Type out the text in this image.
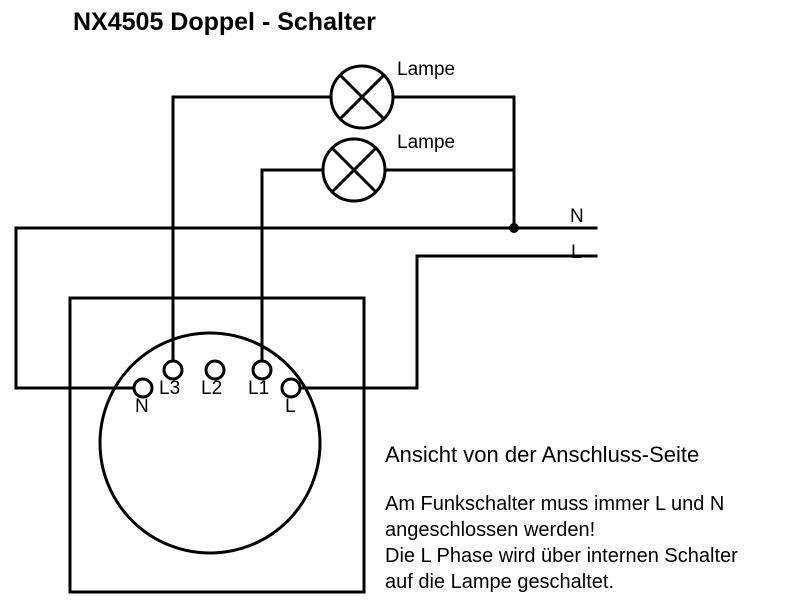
NX4505 Doppel - Schalter
Lampe
Lampe
N
L
N
L3 L2 L1
L
Ansicht von der Anschluss-Seite
Am Funkschalter muss immer L und N
angeschlossen werden!
Die L Phase wird über internen Schalter
auf die Lampe geschaltet.
